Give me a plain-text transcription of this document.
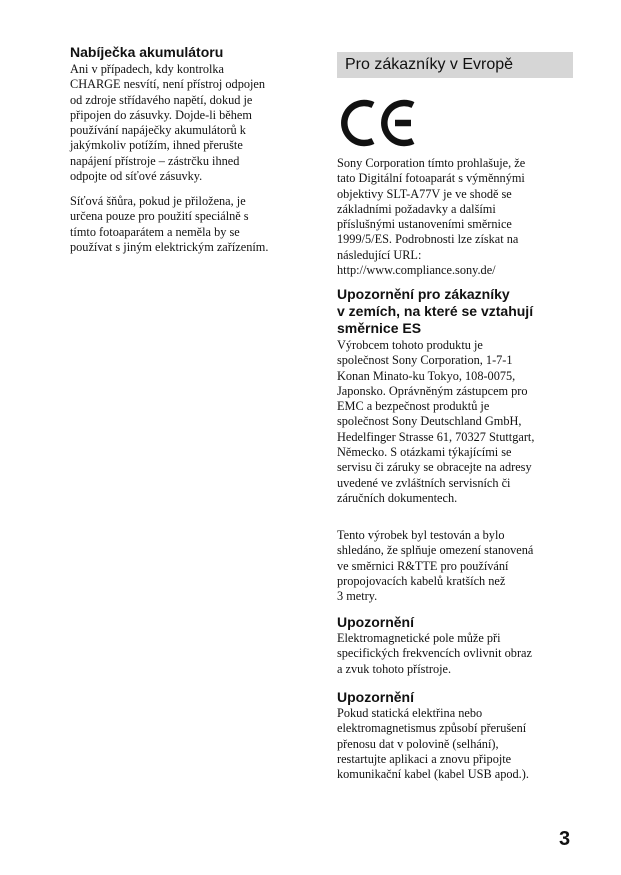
Nabíječka akumulátoru

Ani v případech, kdy kontrolka

CHARGE nesvítí, není přístroj odpojen

od zdroje střídavého napětí, dokud je

připojen do zásuvky. Dojde-li během

používání napáječky akumulátorů k

jakýmkoliv potížím, ihned přerušte

napájení přístroje – zástrčku ihned

odpojte od síťové zásuvky.

Síťová šňůra, pokud je přiložena, je

určena pouze pro použití speciálně s

tímto fotoaparátem a neměla by se

používat s jiným elektrickým zařízením.

Pro zákazníky v Evropě

Sony Corporation tímto prohlašuje, že

tato Digitální fotoaparát s výměnnými

objektivy SLT-A77V je ve shodě se

základními požadavky a dalšími

příslušnými ustanoveními směrnice

1999/5/ES. Podrobnosti lze získat na

následující URL:

http://www.compliance.sony.de/

Upozornění pro zákazníky

v zemích, na které se vztahují

směrnice ES

Výrobcem tohoto produktu je

společnost Sony Corporation, 1-7-1

Konan Minato-ku Tokyo, 108-0075,

Japonsko. Oprávněným zástupcem pro

EMC a bezpečnost produktů je

společnost Sony Deutschland GmbH,

Hedelfinger Strasse 61, 70327 Stuttgart,

Německo. S otázkami týkajícími se

servisu či záruky se obracejte na adresy

uvedené ve zvláštních servisních či

záručních dokumentech.

Tento výrobek byl testován a bylo

shledáno, že splňuje omezení stanovená

ve směrnici R&TTE pro používání

propojovacích kabelů kratších než

3 metry.

Upozornění

Elektromagnetické pole může při

specifických frekvencích ovlivnit obraz

a zvuk tohoto přístroje.

Upozornění

Pokud statická elektřina nebo

elektromagnetismus způsobí přerušení

přenosu dat v polovině (selhání),

restartujte aplikaci a znovu připojte

komunikační kabel (kabel USB apod.).

3
